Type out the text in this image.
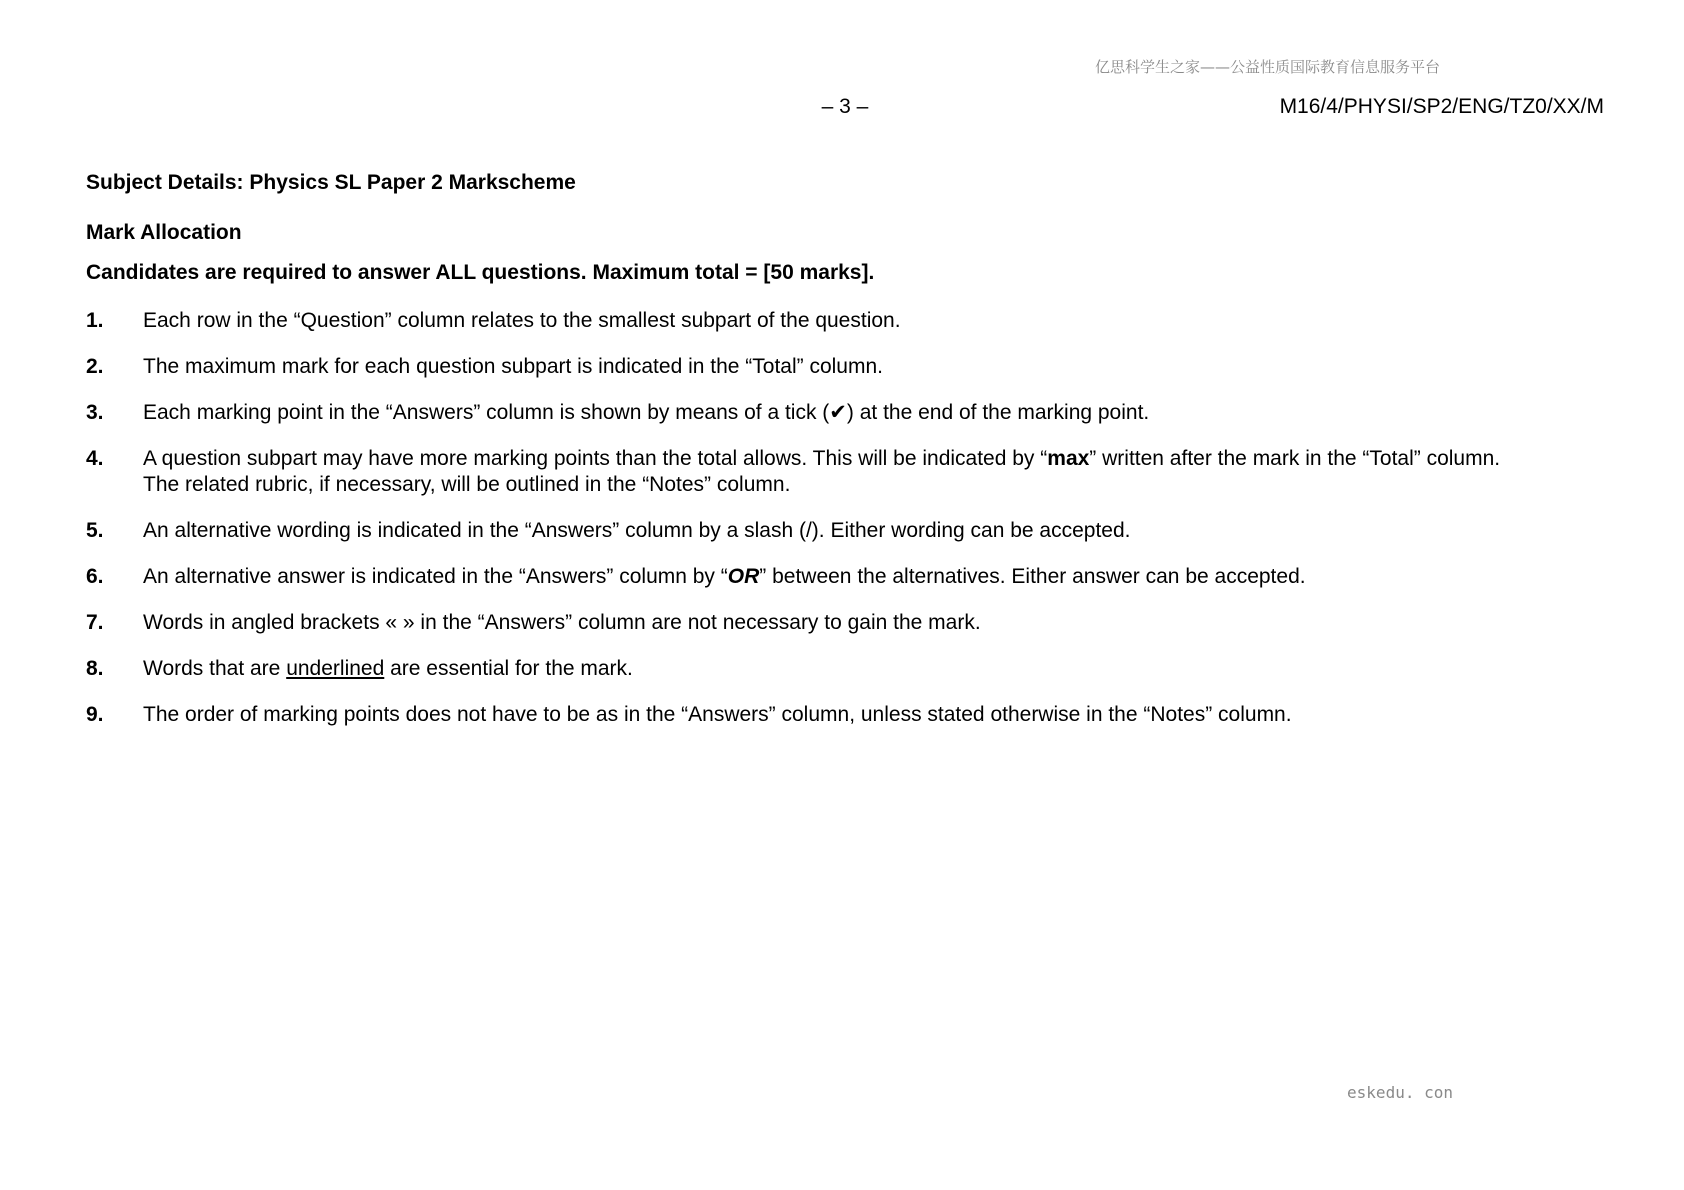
亿思科学生之家——公益性质国际教育信息服务平台
– 3 –	M16/4/PHYSI/SP2/ENG/TZ0/XX/M

Subject Details: Physics SL Paper 2 Markscheme

Mark Allocation

Candidates are required to answer ALL questions. Maximum total = [50 marks].

1.	Each row in the “Question” column relates to the smallest subpart of the question.
2.	The maximum mark for each question subpart is indicated in the “Total” column.
3.	Each marking point in the “Answers” column is shown by means of a tick (✔) at the end of the marking point.
4.	A question subpart may have more marking points than the total allows. This will be indicated by “max” written after the mark in the “Total” column.
The related rubric, if necessary, will be outlined in the “Notes” column.
5.	An alternative wording is indicated in the “Answers” column by a slash (/). Either wording can be accepted.
6.	An alternative answer is indicated in the “Answers” column by “OR” between the alternatives. Either answer can be accepted.
7.	Words in angled brackets « » in the “Answers” column are not necessary to gain the mark.
8.	Words that are underlined are essential for the mark.
9.	The order of marking points does not have to be as in the “Answers” column, unless stated otherwise in the “Notes” column.
eskedu. con
